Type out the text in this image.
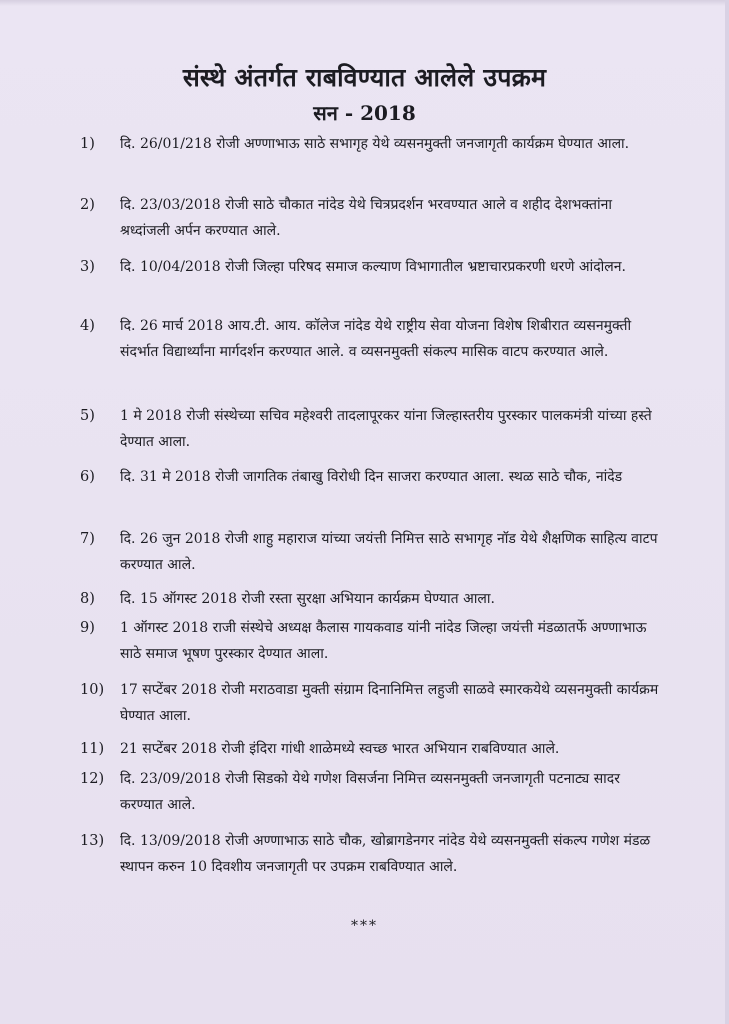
संस्थे अंतर्गत राबविण्यात आलेले उपक्रम
सन - 2018
1) दि. 26/01/218 रोजी अण्णाभाऊ साठे सभागृह येथे व्यसनमुक्ती जनजागृती कार्यक्रम घेण्यात आला.
2) दि. 23/03/2018 रोजी साठे चौकात नांदेड येथे चित्रप्रदर्शन भरवण्यात आले व शहीद देशभक्तांना श्रध्दांजली अर्पन करण्यात आले.
3) दि. 10/04/2018 रोजी जिल्हा परिषद समाज कल्याण विभागातील भ्रष्टाचारप्रकरणी धरणे आंदोलन.
4) दि. 26 मार्च 2018 आय.टी. आय. कॉलेज नांदेड येथे राष्ट्रीय सेवा योजना विशेष शिबीरात व्यसनमुक्ती संदर्भात विद्यार्थ्यांना मार्गदर्शन करण्यात आले. व व्यसनमुक्ती संकल्प मासिक वाटप करण्यात आले.
5) 1 मे 2018 रोजी संस्थेच्या सचिव महेश्वरी तादलापूरकर यांना जिल्हास्तरीय पुरस्कार पालकमंत्री यांच्या हस्ते देण्यात आला.
6) दि. 31 मे 2018 रोजी जागतिक तंबाखु विरोधी दिन साजरा करण्यात आला. स्थळ साठे चौक, नांदेड
7) दि. 26 जुन 2018 रोजी शाहु महाराज यांच्या जयंत्ती निमित्त साठे सभागृह नॉड येथे शैक्षणिक साहित्य वाटप करण्यात आले.
8) दि. 15 ऑगस्ट 2018 रोजी रस्ता सुरक्षा अभियान कार्यक्रम घेण्यात आला.
9) 1 ऑगस्ट 2018 राजी संस्थेचे अध्यक्ष कैलास गायकवाड यांनी नांदेड जिल्हा जयंत्ती मंडळातर्फे अण्णाभाऊ साठे समाज भूषण पुरस्कार देण्यात आला.
10) 17 सप्टेंबर 2018 रोजी मराठवाडा मुक्ती संग्राम दिनानिमित्त लहुजी साळवे स्मारकयेथे व्यसनमुक्ती कार्यक्रम घेण्यात आला.
11) 21 सप्टेंबर 2018 रोजी इंदिरा गांधी शाळेमध्ये स्वच्छ भारत अभियान राबविण्यात आले.
12) दि. 23/09/2018 रोजी सिडको येथे गणेश विसर्जना निमित्त व्यसनमुक्ती जनजागृती पटनाट्य सादर करण्यात आले.
13) दि. 13/09/2018 रोजी अण्णाभाऊ साठे चौक, खोब्रागडेनगर नांदेड येथे व्यसनमुक्ती संकल्प गणेश मंडळ स्थापन करुन 10 दिवशीय जनजागृती पर उपक्रम राबविण्यात आले.
***
